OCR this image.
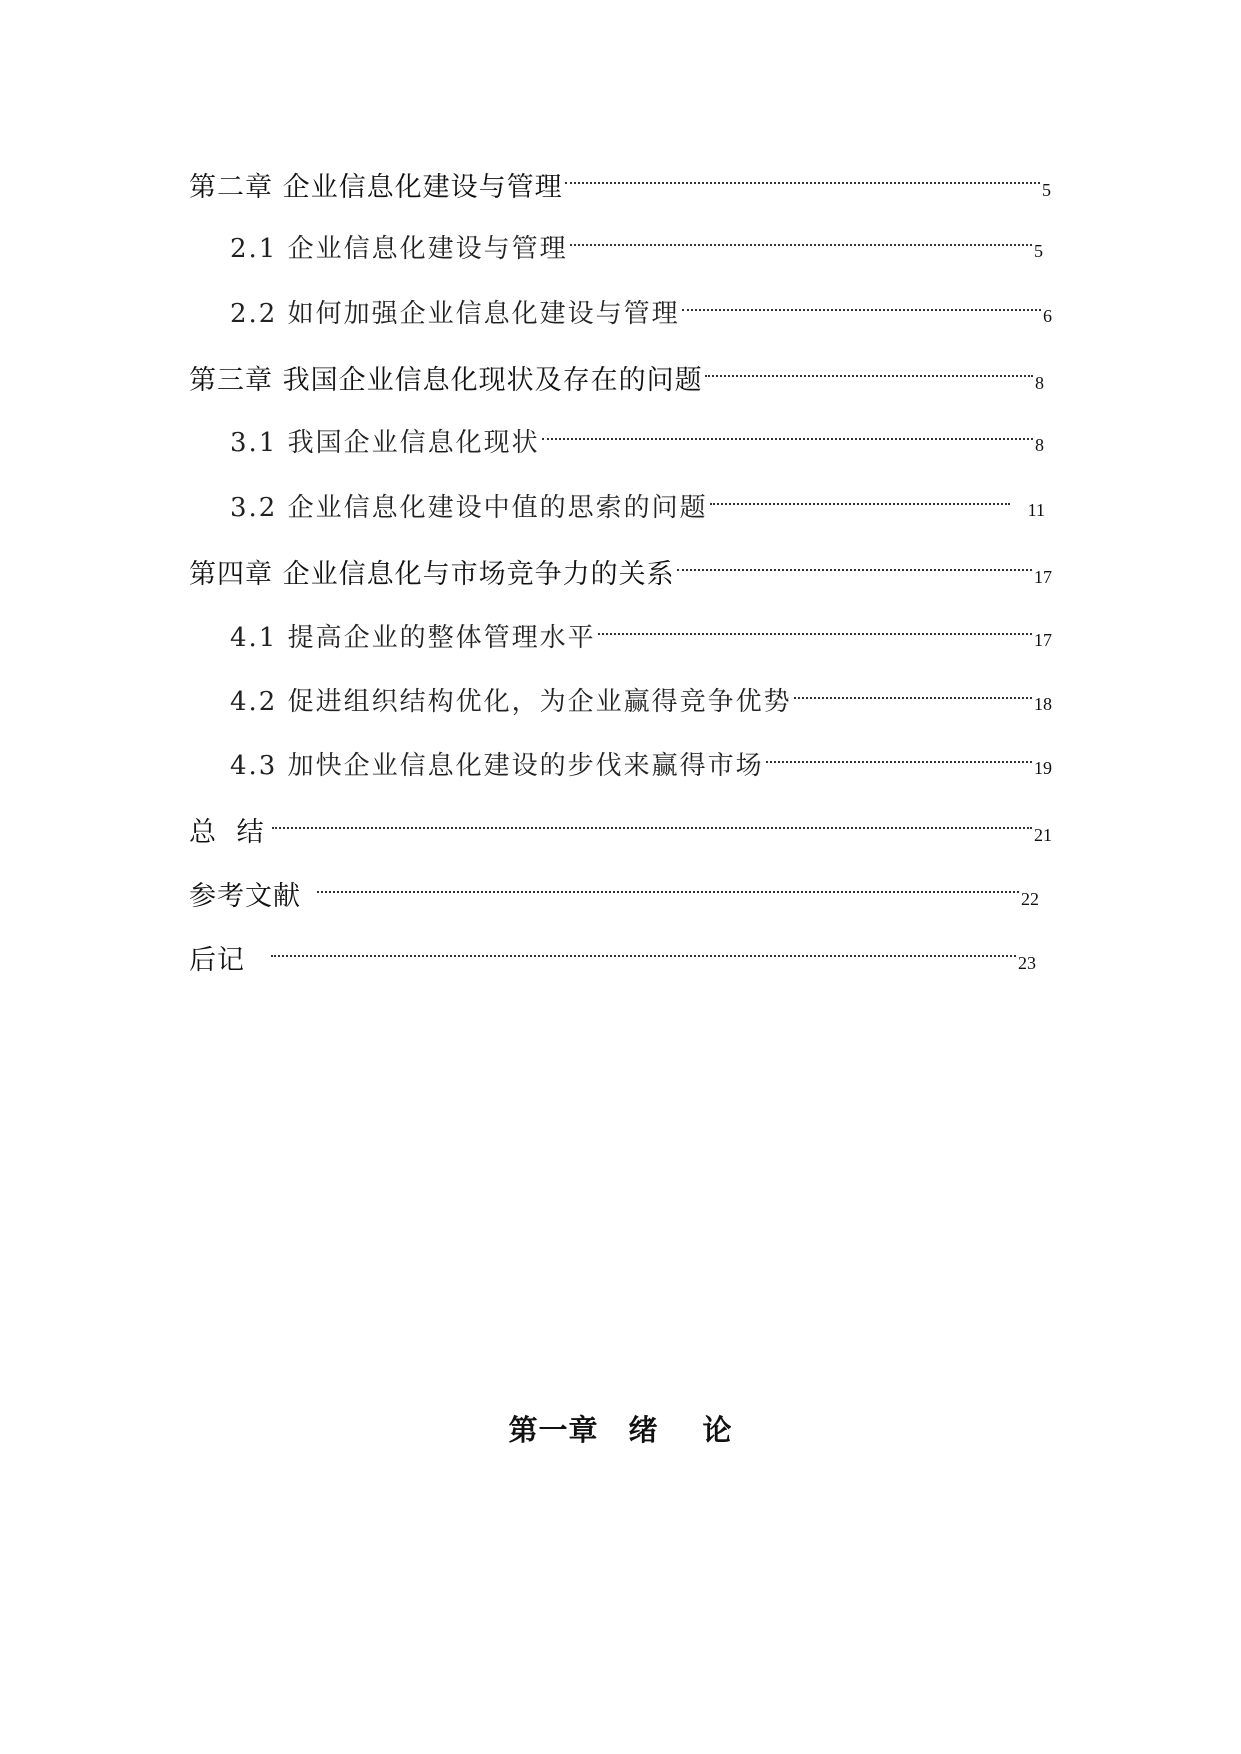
第二章 企业信息化建设与管理	5
2.1 企业信息化建设与管理	5
2.2 如何加强企业信息化建设与管理	6
第三章 我国企业信息化现状及存在的问题	8
3.1 我国企业信息化现状	8
3.2 企业信息化建设中值的思索的问题	11
第四章 企业信息化与市场竞争力的关系	17
4.1 提高企业的整体管理水平	17
4.2 促进组织结构优化，为企业赢得竞争优势	18
4.3 加快企业信息化建设的步伐来赢得市场	19
总 结	21
参考文献	22
后记	23
第一章 绪 论
